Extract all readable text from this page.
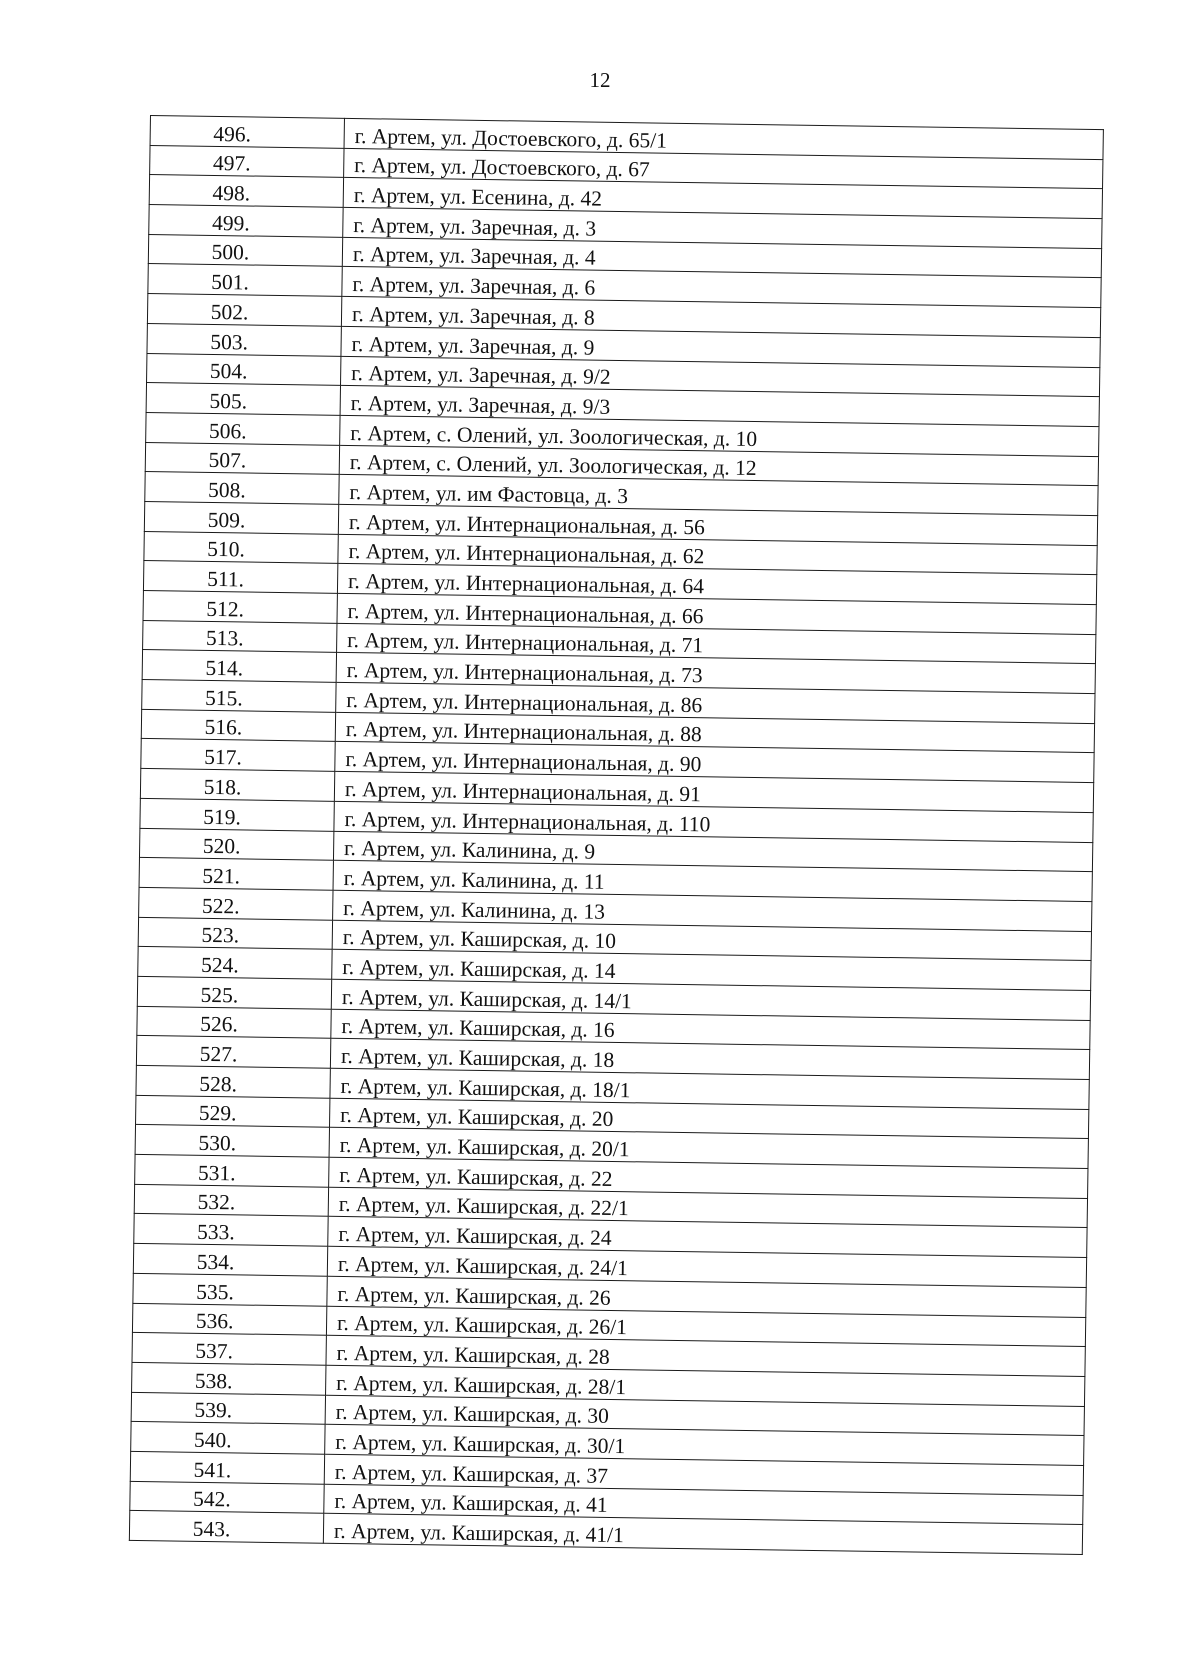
12
496.	г. Артем, ул. Достоевского, д. 65/1
497.	г. Артем, ул. Достоевского, д. 67
498.	г. Артем, ул. Есенина, д. 42
499.	г. Артем, ул. Заречная, д. 3
500.	г. Артем, ул. Заречная, д. 4
501.	г. Артем, ул. Заречная, д. 6
502.	г. Артем, ул. Заречная, д. 8
503.	г. Артем, ул. Заречная, д. 9
504.	г. Артем, ул. Заречная, д. 9/2
505.	г. Артем, ул. Заречная, д. 9/3
506.	г. Артем, с. Олений, ул. Зоологическая, д. 10
507.	г. Артем, с. Олений, ул. Зоологическая, д. 12
508.	г. Артем, ул. им Фастовца, д. 3
509.	г. Артем, ул. Интернациональная, д. 56
510.	г. Артем, ул. Интернациональная, д. 62
511.	г. Артем, ул. Интернациональная, д. 64
512.	г. Артем, ул. Интернациональная, д. 66
513.	г. Артем, ул. Интернациональная, д. 71
514.	г. Артем, ул. Интернациональная, д. 73
515.	г. Артем, ул. Интернациональная, д. 86
516.	г. Артем, ул. Интернациональная, д. 88
517.	г. Артем, ул. Интернациональная, д. 90
518.	г. Артем, ул. Интернациональная, д. 91
519.	г. Артем, ул. Интернациональная, д. 110
520.	г. Артем, ул. Калинина, д. 9
521.	г. Артем, ул. Калинина, д. 11
522.	г. Артем, ул. Калинина, д. 13
523.	г. Артем, ул. Каширская, д. 10
524.	г. Артем, ул. Каширская, д. 14
525.	г. Артем, ул. Каширская, д. 14/1
526.	г. Артем, ул. Каширская, д. 16
527.	г. Артем, ул. Каширская, д. 18
528.	г. Артем, ул. Каширская, д. 18/1
529.	г. Артем, ул. Каширская, д. 20
530.	г. Артем, ул. Каширская, д. 20/1
531.	г. Артем, ул. Каширская, д. 22
532.	г. Артем, ул. Каширская, д. 22/1
533.	г. Артем, ул. Каширская, д. 24
534.	г. Артем, ул. Каширская, д. 24/1
535.	г. Артем, ул. Каширская, д. 26
536.	г. Артем, ул. Каширская, д. 26/1
537.	г. Артем, ул. Каширская, д. 28
538.	г. Артем, ул. Каширская, д. 28/1
539.	г. Артем, ул. Каширская, д. 30
540.	г. Артем, ул. Каширская, д. 30/1
541.	г. Артем, ул. Каширская, д. 37
542.	г. Артем, ул. Каширская, д. 41
543.	г. Артем, ул. Каширская, д. 41/1
